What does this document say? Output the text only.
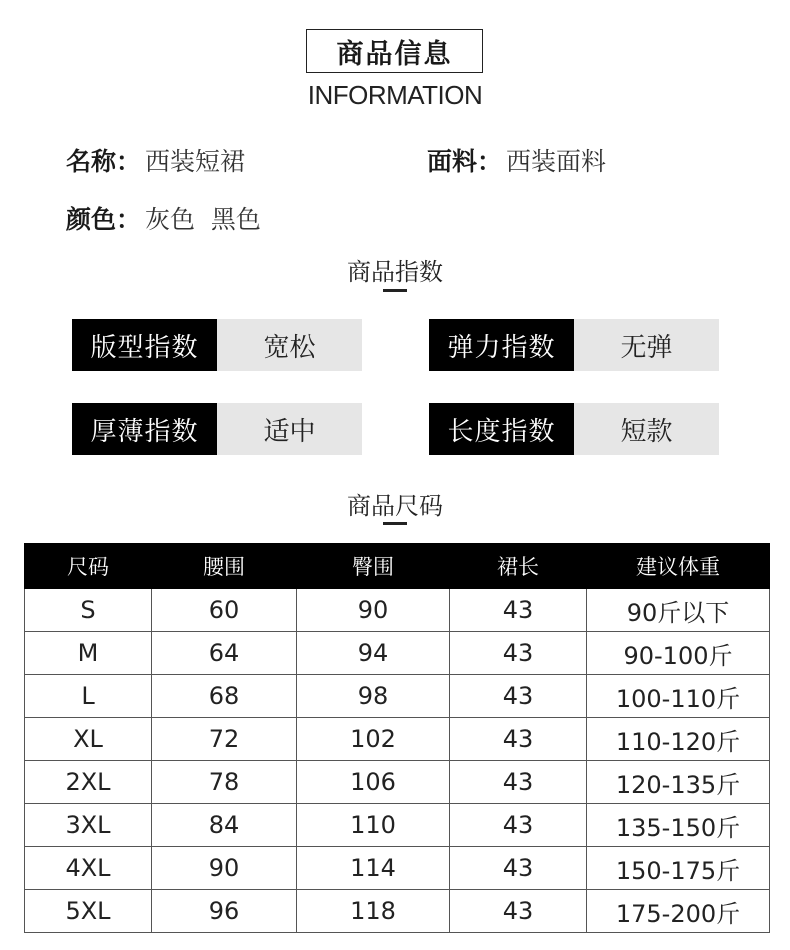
商品信息
INFORMATION
名称： 西装短裙	面料： 西装面料
颜色： 灰色  黑色
商品指数
版型指数	宽松	弹力指数	无弹
厚薄指数	适中	长度指数	短款
商品尺码
尺码	腰围	臀围	裙长	建议体重
S	60	90	43	90斤以下
M	64	94	43	90-100斤
L	68	98	43	100-110斤
XL	72	102	43	110-120斤
2XL	78	106	43	120-135斤
3XL	84	110	43	135-150斤
4XL	90	114	43	150-175斤
5XL	96	118	43	175-200斤
